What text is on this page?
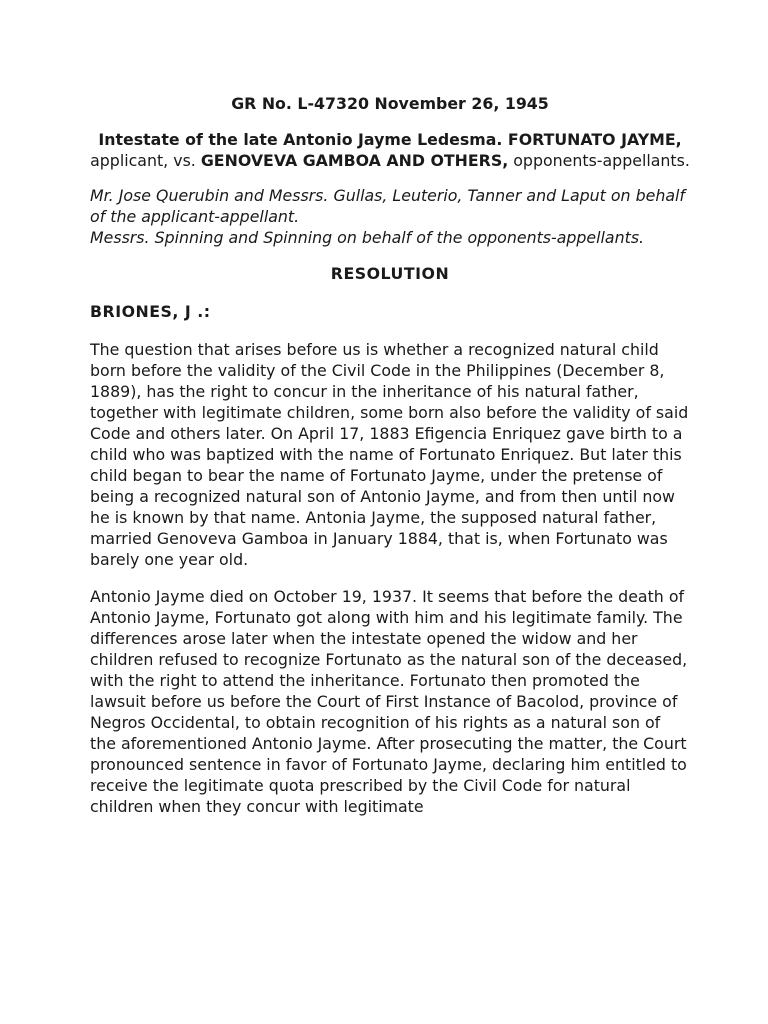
GR No. L-47320 November 26, 1945
Intestate of the late Antonio Jayme Ledesma. FORTUNATO JAYME, applicant, vs. GENOVEVA GAMBOA AND OTHERS, opponents-appellants.
Mr. Jose Querubin and Messrs. Gullas, Leuterio, Tanner and Laput on behalf of the applicant-appellant.
Messrs. Spinning and Spinning on behalf of the opponents-appellants.
RESOLUTION
BRIONES, J .:
The question that arises before us is whether a recognized natural child born before the validity of the Civil Code in the Philippines (December 8, 1889), has the right to concur in the inheritance of his natural father, together with legitimate children, some born also before the validity of said Code and others later. On April 17, 1883 Efigencia Enriquez gave birth to a child who was baptized with the name of Fortunato Enriquez. But later this child began to bear the name of Fortunato Jayme, under the pretense of being a recognized natural son of Antonio Jayme, and from then until now he is known by that name. Antonia Jayme, the supposed natural father, married Genoveva Gamboa in January 1884, that is, when Fortunato was barely one year old.
Antonio Jayme died on October 19, 1937. It seems that before the death of Antonio Jayme, Fortunato got along with him and his legitimate family. The differences arose later when the intestate opened the widow and her children refused to recognize Fortunato as the natural son of the deceased, with the right to attend the inheritance. Fortunato then promoted the lawsuit before us before the Court of First Instance of Bacolod, province of Negros Occidental, to obtain recognition of his rights as a natural son of the aforementioned Antonio Jayme. After prosecuting the matter, the Court pronounced sentence in favor of Fortunato Jayme, declaring him entitled to receive the legitimate quota prescribed by the Civil Code for natural children when they concur with legitimate
